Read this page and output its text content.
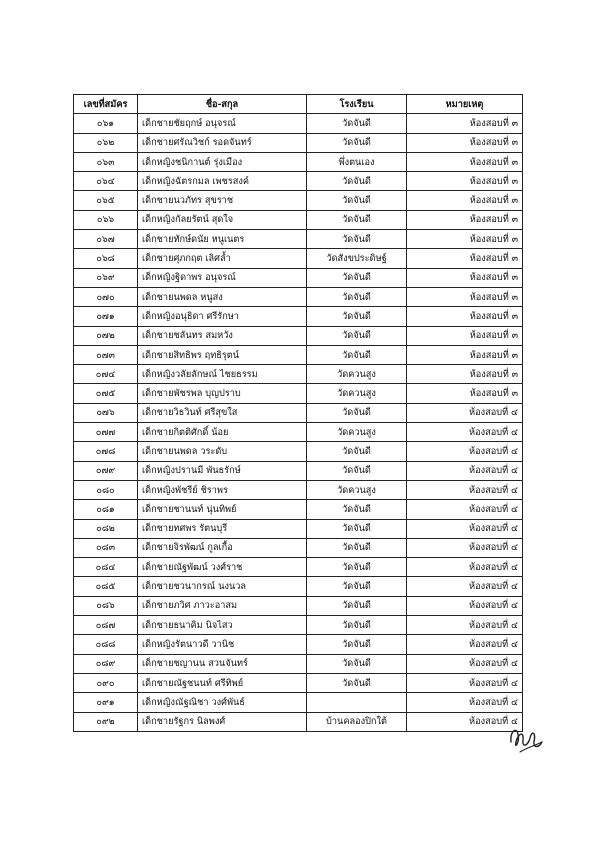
เลขที่สมัคร	ชื่อ-สกุล	โรงเรียน	หมายเหตุ
๐๖๑	เด็กชายชัยฤกษ์ อนุจรณ์	วัดจันดี	ห้องสอบที่ ๓
๐๖๒	เด็กชายศรัณวิชก์ รอดจันทร์	วัดจันดี	ห้องสอบที่ ๓
๐๖๓	เด็กหญิงชนิกานต์ รุ่งเมือง	พึ่งตนเอง	ห้องสอบที่ ๓
๐๖๔	เด็กหญิงฉัตรกมล เพชรสงค์	วัดจันดี	ห้องสอบที่ ๓
๐๖๕	เด็กชายนวภัทร สุขราช	วัดจันดี	ห้องสอบที่ ๓
๐๖๖	เด็กหญิงกัลยรัตน์ สุดใจ	วัดจันดี	ห้องสอบที่ ๓
๐๖๗	เด็กชายทักษ์ดนัย หนูเนตร	วัดจันดี	ห้องสอบที่ ๓
๐๖๘	เด็กชายศุภกฤต เลิศล้ำ	วัดสังขประดิษฐ์	ห้องสอบที่ ๓
๐๖๙	เด็กหญิงฐิดาพร อนุจรณ์	วัดจันดี	ห้องสอบที่ ๓
๐๗๐	เด็กชายนพดล หนูสง	วัดจันดี	ห้องสอบที่ ๓
๐๗๑	เด็กหญิงอนุธิดา ศรีรักษา	วัดจันดี	ห้องสอบที่ ๓
๐๗๒	เด็กชายชลันทร สมหวัง	วัดจันดี	ห้องสอบที่ ๓
๐๗๓	เด็กชายสิทธิพร ฤทธิรุตน์	วัดจันดี	ห้องสอบที่ ๓
๐๗๔	เด็กหญิงวลัยลักษณ์ ไชยธรรม	วัดควนสูง	ห้องสอบที่ ๓
๐๗๕	เด็กชายพัชรพล บุญปราบ	วัดควนสูง	ห้องสอบที่ ๓
๐๗๖	เด็กชายวิธวินท์ ศรีสุขใส	วัดจันดี	ห้องสอบที่ ๔
๐๗๗	เด็กชายกิตติศักดิ์ น้อย	วัดควนสูง	ห้องสอบที่ ๔
๐๗๘	เด็กชายนพดล วระดับ	วัดจันดี	ห้องสอบที่ ๔
๐๗๙	เด็กหญิงปรานมี พันธรักษ์	วัดจันดี	ห้องสอบที่ ๔
๐๘๐	เด็กหญิงพัชรีย์ ชิราพร	วัดควนสูง	ห้องสอบที่ ๔
๐๘๑	เด็กชายชานนท์ นุ่นทิพย์	วัดจันดี	ห้องสอบที่ ๔
๐๘๒	เด็กชายทศพร รัตนบุรี	วัดจันดี	ห้องสอบที่ ๔
๐๘๓	เด็กชายจิรพัฒน์ กูลเกื้อ	วัดจันดี	ห้องสอบที่ ๔
๐๘๔	เด็กชายณัฐพัฒน์ วงศ์ราช	วัดจันดี	ห้องสอบที่ ๔
๐๘๕	เด็กชายชวนากรณ์ นงนวล	วัดจันดี	ห้องสอบที่ ๔
๐๘๖	เด็กชายภวิศ ภาวะอาสม	วัดจันดี	ห้องสอบที่ ๔
๐๘๗	เด็กชายธนาคิม นิจไสว	วัดจันดี	ห้องสอบที่ ๔
๐๘๘	เด็กหญิงรัตนาวดี วานิช	วัดจันดี	ห้องสอบที่ ๔
๐๘๙	เด็กชายชญานน สวนจันทร์	วัดจันดี	ห้องสอบที่ ๔
๐๙๐	เด็กชายณัฐชนนท์ ศรีทิพย์	วัดจันดี	ห้องสอบที่ ๔
๐๙๑	เด็กหญิงณัฐณิชา วงศ์พันธ์		ห้องสอบที่ ๔
๐๙๒	เด็กชายรัฐกร นิลพงศ์	บ้านคลองปิกใต้	ห้องสอบที่ ๔
